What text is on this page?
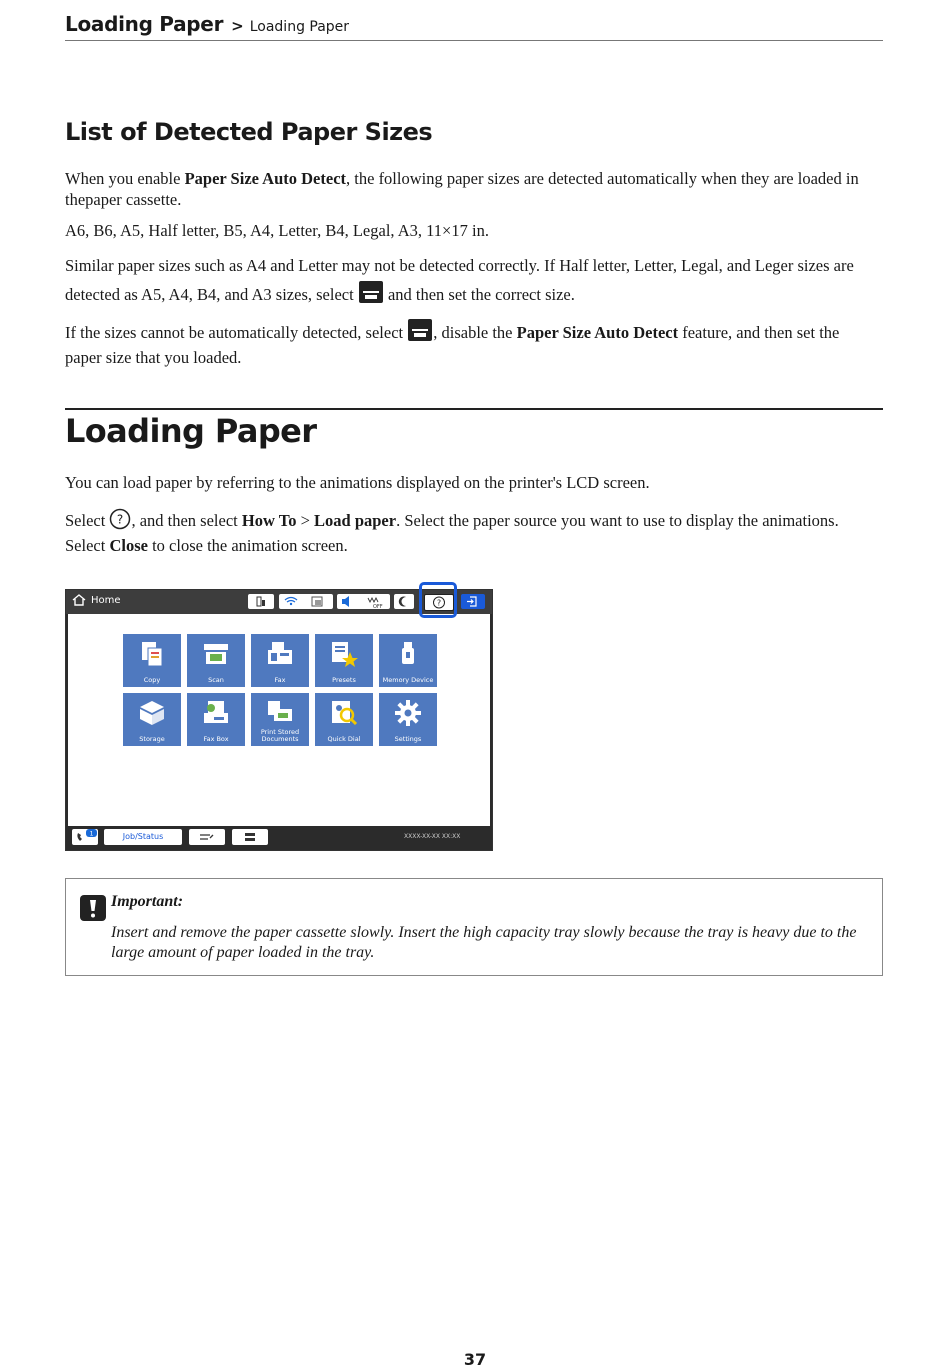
Loading Paper > Loading Paper
List of Detected Paper Sizes

When you enable Paper Size Auto Detect, the following paper sizes are detected automatically when they are loaded in thepaper cassette.

A6, B6, A5, Half letter, B5, A4, Letter, B4, Legal, A3, 11×17 in.

Similar paper sizes such as A4 and Letter may not be detected correctly. If Half letter, Letter, Legal, and Leger sizes are detected as A5, A4, B4, and A3 sizes, select  and then set the correct size.

If the sizes cannot be automatically detected, select , disable the Paper Size Auto Detect feature, and then set the paper size that you loaded.

Loading Paper

You can load paper by referring to the animations displayed on the printer's LCD screen.

Select ? , and then select How To > Load paper. Select the paper source you want to use to display the animations. Select Close to close the animation screen.

Home
OFF	?
Copy	Scan	Fax	Presets	Memory Device
Storage	Fax Box
Print Stored Documents	Quick Dial	Settings
1	Job/Status	XXXX-XX-XX XX:XX
Important:
Insert and remove the paper cassette slowly. Insert the high capacity tray slowly because the tray is heavy due to the large amount of paper loaded in the tray.
37
